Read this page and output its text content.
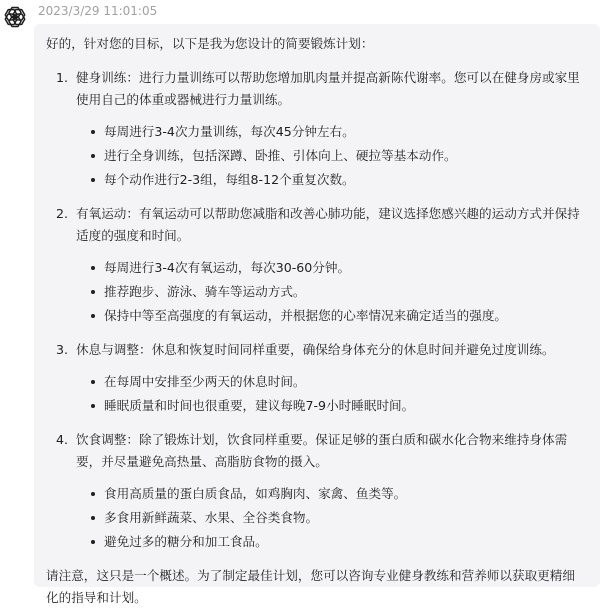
2023/3/29 11:01:05

好的，针对您的目标，以下是我为您设计的简要锻炼计划：

1. 健身训练：进行力量训练可以帮助您增加肌肉量并提高新陈代谢率。您可以在健身房或家里使用自己的体重或器械进行力量训练。
每周进行3-4次力量训练，每次45分钟左右。
进行全身训练，包括深蹲、卧推、引体向上、硬拉等基本动作。
每个动作进行2-3组，每组8-12个重复次数。
2. 有氧运动：有氧运动可以帮助您减脂和改善心肺功能，建议选择您感兴趣的运动方式并保持适度的强度和时间。
每周进行3-4次有氧运动，每次30-60分钟。
推荐跑步、游泳、骑车等运动方式。
保持中等至高强度的有氧运动，并根据您的心率情况来确定适当的强度。
3. 休息与调整：休息和恢复时间同样重要，确保给身体充分的休息时间并避免过度训练。
在每周中安排至少两天的休息时间。
睡眠质量和时间也很重要，建议每晚7-9小时睡眠时间。
4. 饮食调整：除了锻炼计划，饮食同样重要。保证足够的蛋白质和碳水化合物来维持身体需要，并尽量避免高热量、高脂肪食物的摄入。
食用高质量的蛋白质食品，如鸡胸肉、家禽、鱼类等。
多食用新鲜蔬菜、水果、全谷类食物。
避免过多的糖分和加工食品。

请注意，这只是一个概述。为了制定最佳计划，您可以咨询专业健身教练和营养师以获取更精细化的指导和计划。
